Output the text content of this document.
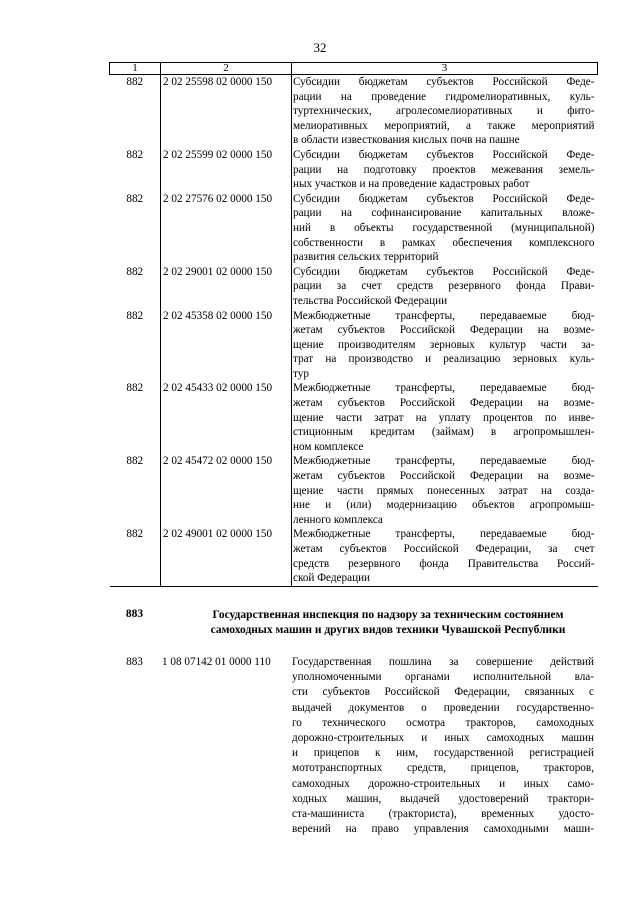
32
1	2	3
882	2 02 25598 02 0000 150	Субсидии бюджетам субъектов Российской Феде-
рации на проведение гидромелиоративных, куль-
туртехнических, агролесомелиоративных и фито-
мелиоративных мероприятий, а также мероприятий
в области известкования кислых почв на пашне

882	2 02 25599 02 0000 150	Субсидии бюджетам субъектов Российской Феде-
рации на подготовку проектов межевания земель-
ных участков и на проведение кадастровых работ

882	2 02 27576 02 0000 150	Субсидии бюджетам субъектов Российской Феде-
рации на софинансирование капитальных вложе-
ний в объекты государственной (муниципальной)
собственности в рамках обеспечения комплексного
развития сельских территорий

882	2 02 29001 02 0000 150	Субсидии бюджетам субъектов Российской Феде-
рации за счет средств резервного фонда Прави-
тельства Российской Федерации

882	2 02 45358 02 0000 150	Межбюджетные трансферты, передаваемые бюд-
жетам субъектов Российской Федерации на возме-
щение производителям зерновых культур части за-
трат на производство и реализацию зерновых куль-
тур

882	2 02 45433 02 0000 150	Межбюджетные трансферты, передаваемые бюд-
жетам субъектов Российской Федерации на возме-
щение части затрат на уплату процентов по инве-
стиционным кредитам (займам) в агропромышлен-
ном комплексе

882	2 02 45472 02 0000 150	Межбюджетные трансферты, передаваемые бюд-
жетам субъектов Российской Федерации на возме-
щение части прямых понесенных затрат на созда-
ние и (или) модернизацию объектов агропромыш-
ленного комплекса

882	2 02 49001 02 0000 150	Межбюджетные трансферты, передаваемые бюд-
жетам субъектов Российской Федерации, за счет
средств резервного фонда Правительства Россий-
ской Федерации
883	Государственная инспекция по надзору за техническим состоянием
самоходных машин и других видов техники Чувашской Республики
883	1 08 07142 01 0000 110	Государственная пошлина за совершение действий
уполномоченными органами исполнительной вла-
сти субъектов Российской Федерации, связанных с
выдачей документов о проведении государственно-
го технического осмотра тракторов, самоходных
дорожно-строительных и иных самоходных машин
и прицепов к ним, государственной регистрацией
мототранспортных средств, прицепов, тракторов,
самоходных дорожно-строительных и иных само-
ходных машин, выдачей удостоверений трактори-
ста-машиниста (тракториста), временных удосто-
верений на право управления самоходными маши-
